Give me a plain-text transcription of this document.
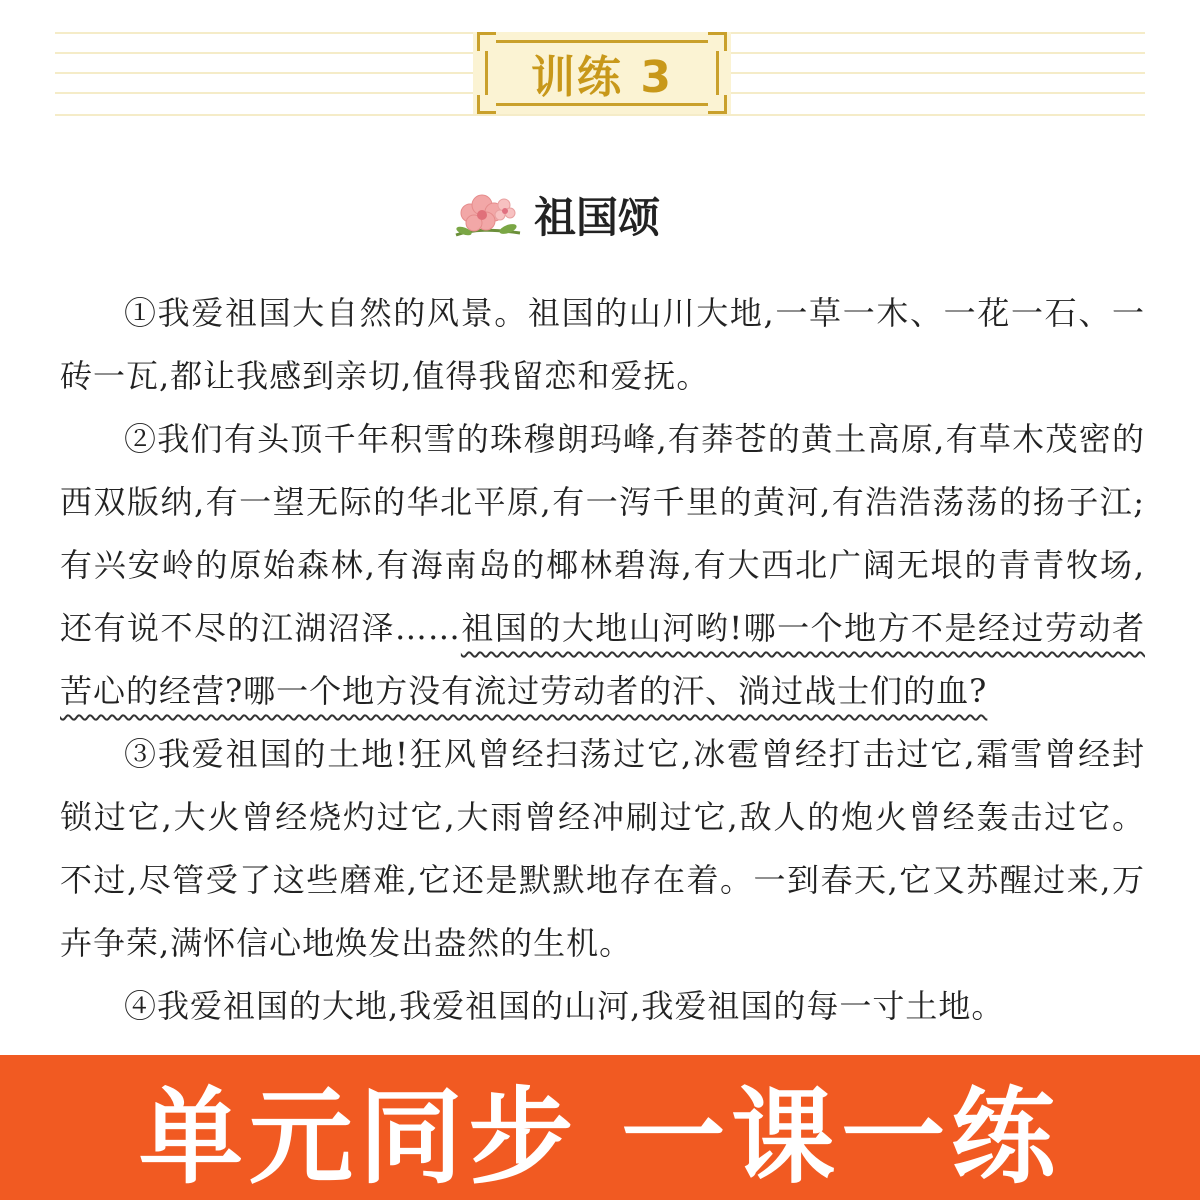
训练 3
祖国颂

①我爱祖国大自然的风景。祖国的山川大地,一草一木、一花一石、一砖一瓦,都让我感到亲切,值得我留恋和爱抚。

②我们有头顶千年积雪的珠穆朗玛峰,有莽苍的黄土高原,有草木茂密的西双版纳,有一望无际的华北平原,有一泻千里的黄河,有浩浩荡荡的扬子江;有兴安岭的原始森林,有海南岛的椰林碧海,有大西北广阔无垠的青青牧场,还有说不尽的江湖沼泽……祖国的大地山河哟!哪一个地方不是经过劳动者苦心的经营?哪一个地方没有流过劳动者的汗、淌过战士们的血?

③我爱祖国的土地!狂风曾经扫荡过它,冰雹曾经打击过它,霜雪曾经封锁过它,大火曾经烧灼过它,大雨曾经冲刷过它,敌人的炮火曾经轰击过它。不过,尽管受了这些磨难,它还是默默地存在着。一到春天,它又苏醒过来,万卉争荣,满怀信心地焕发出盎然的生机。

④我爱祖国的大地,我爱祖国的山河,我爱祖国的每一寸土地。

单元同步 一课一练
